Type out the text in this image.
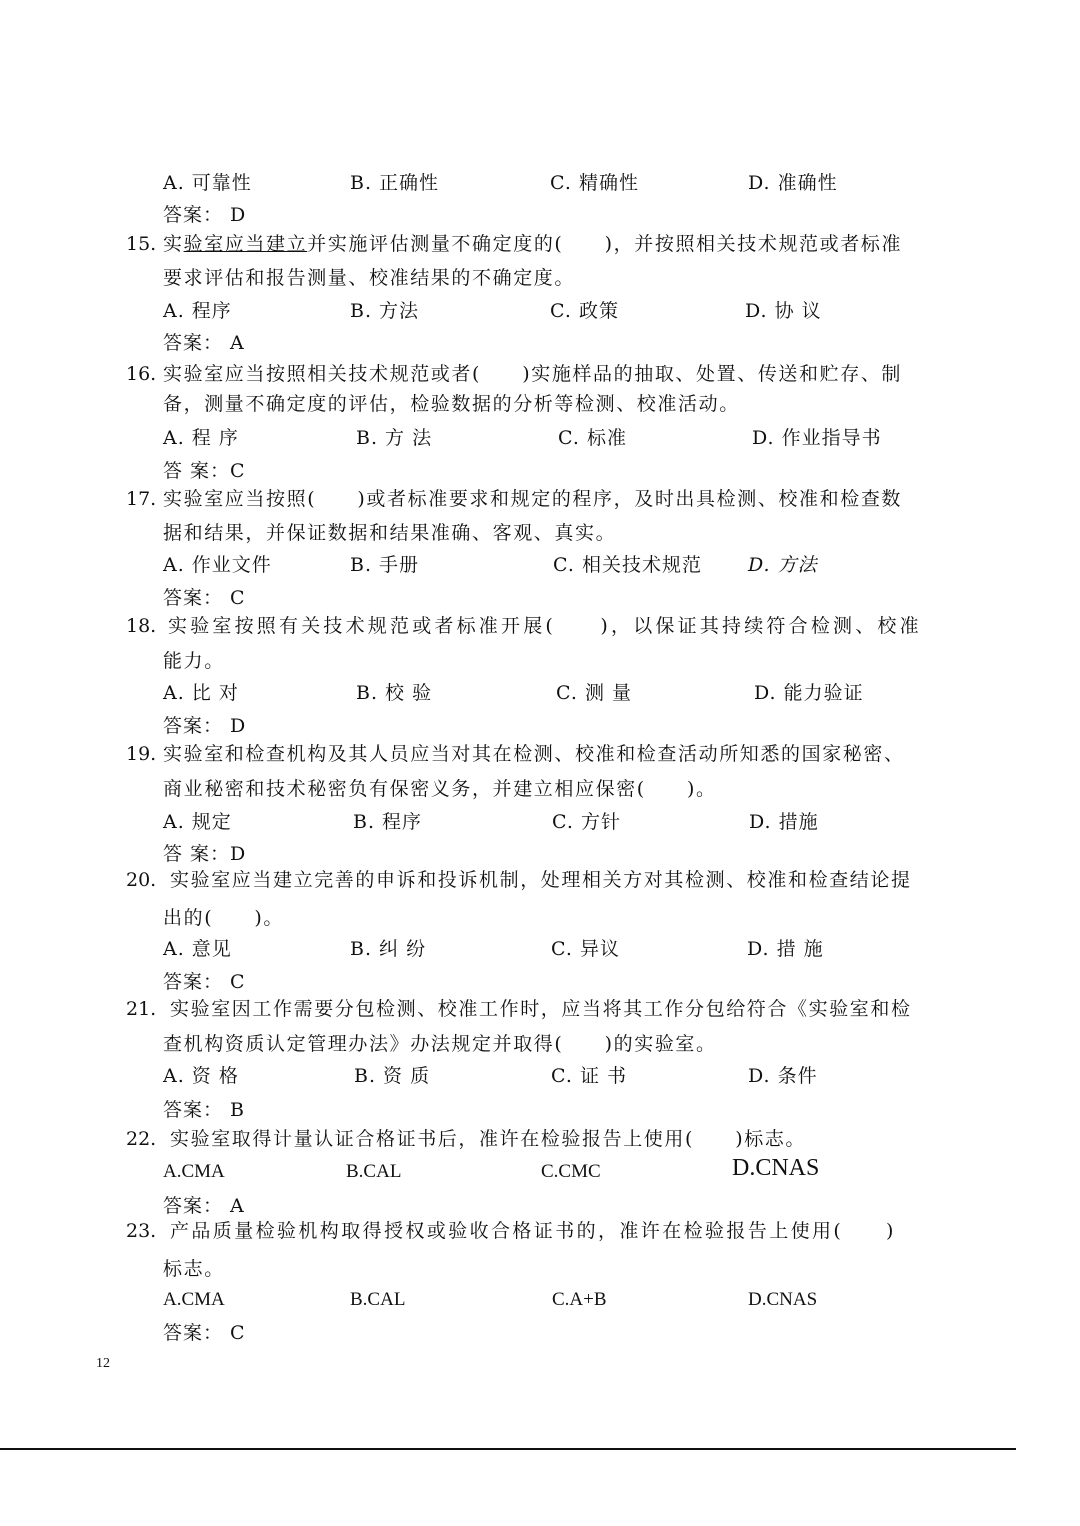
A. 可靠性	B. 正确性	C. 精确性	D. 准确性
答案： D
15. 实验室应当建立并实施评估测量不确定度的(　　)，并按照相关技术规范或者标准
要求评估和报告测量、校准结果的不确定度。
A. 程序	B. 方法	C. 政策	D. 协 议
答案： A
16. 实验室应当按照相关技术规范或者(　　)实施样品的抽取、处置、传送和贮存、制
备，测量不确定度的评估，检验数据的分析等检测、校准活动。
A. 程 序	B. 方 法	C. 标准	D. 作业指导书
答 案：C
17. 实验室应当按照(　　)或者标准要求和规定的程序，及时出具检测、校准和检查数
据和结果，并保证数据和结果准确、客观、真实。
A. 作业文件	B. 手册	C. 相关技术规范 D. 方法
答案： C
18. 实验室按照有关技术规范或者标准开展(　　)，以保证其持续符合检测、校准
能力。
A. 比 对	B. 校 验	C. 测 量	D. 能力验证
答案： D
19. 实验室和检查机构及其人员应当对其在检测、校准和检查活动所知悉的国家秘密、
商业秘密和技术秘密负有保密义务，并建立相应保密(　　)。
A. 规定	B. 程序	C. 方针	D. 措施
答 案：D
20. 实验室应当建立完善的申诉和投诉机制，处理相关方对其检测、校准和检查结论提
出的(　　)。
A. 意见	B. 纠 纷	C. 异议	D. 措 施
答案： C
21. 实验室因工作需要分包检测、校准工作时，应当将其工作分包给符合《实验室和检
查机构资质认定管理办法》办法规定并取得(　　)的实验室。
A. 资 格	B. 资 质	C. 证 书	D. 条件
答案： B
22. 实验室取得计量认证合格证书后，准许在检验报告上使用(　　)标志。
A.CMA	B.CAL	C.CMC	D.CNAS
答案： A
23. 产品质量检验机构取得授权或验收合格证书的，准许在检验报告上使用(　　)
标志。
A.CMA	B.CAL	C.A+B	D.CNAS
答案： C
12
